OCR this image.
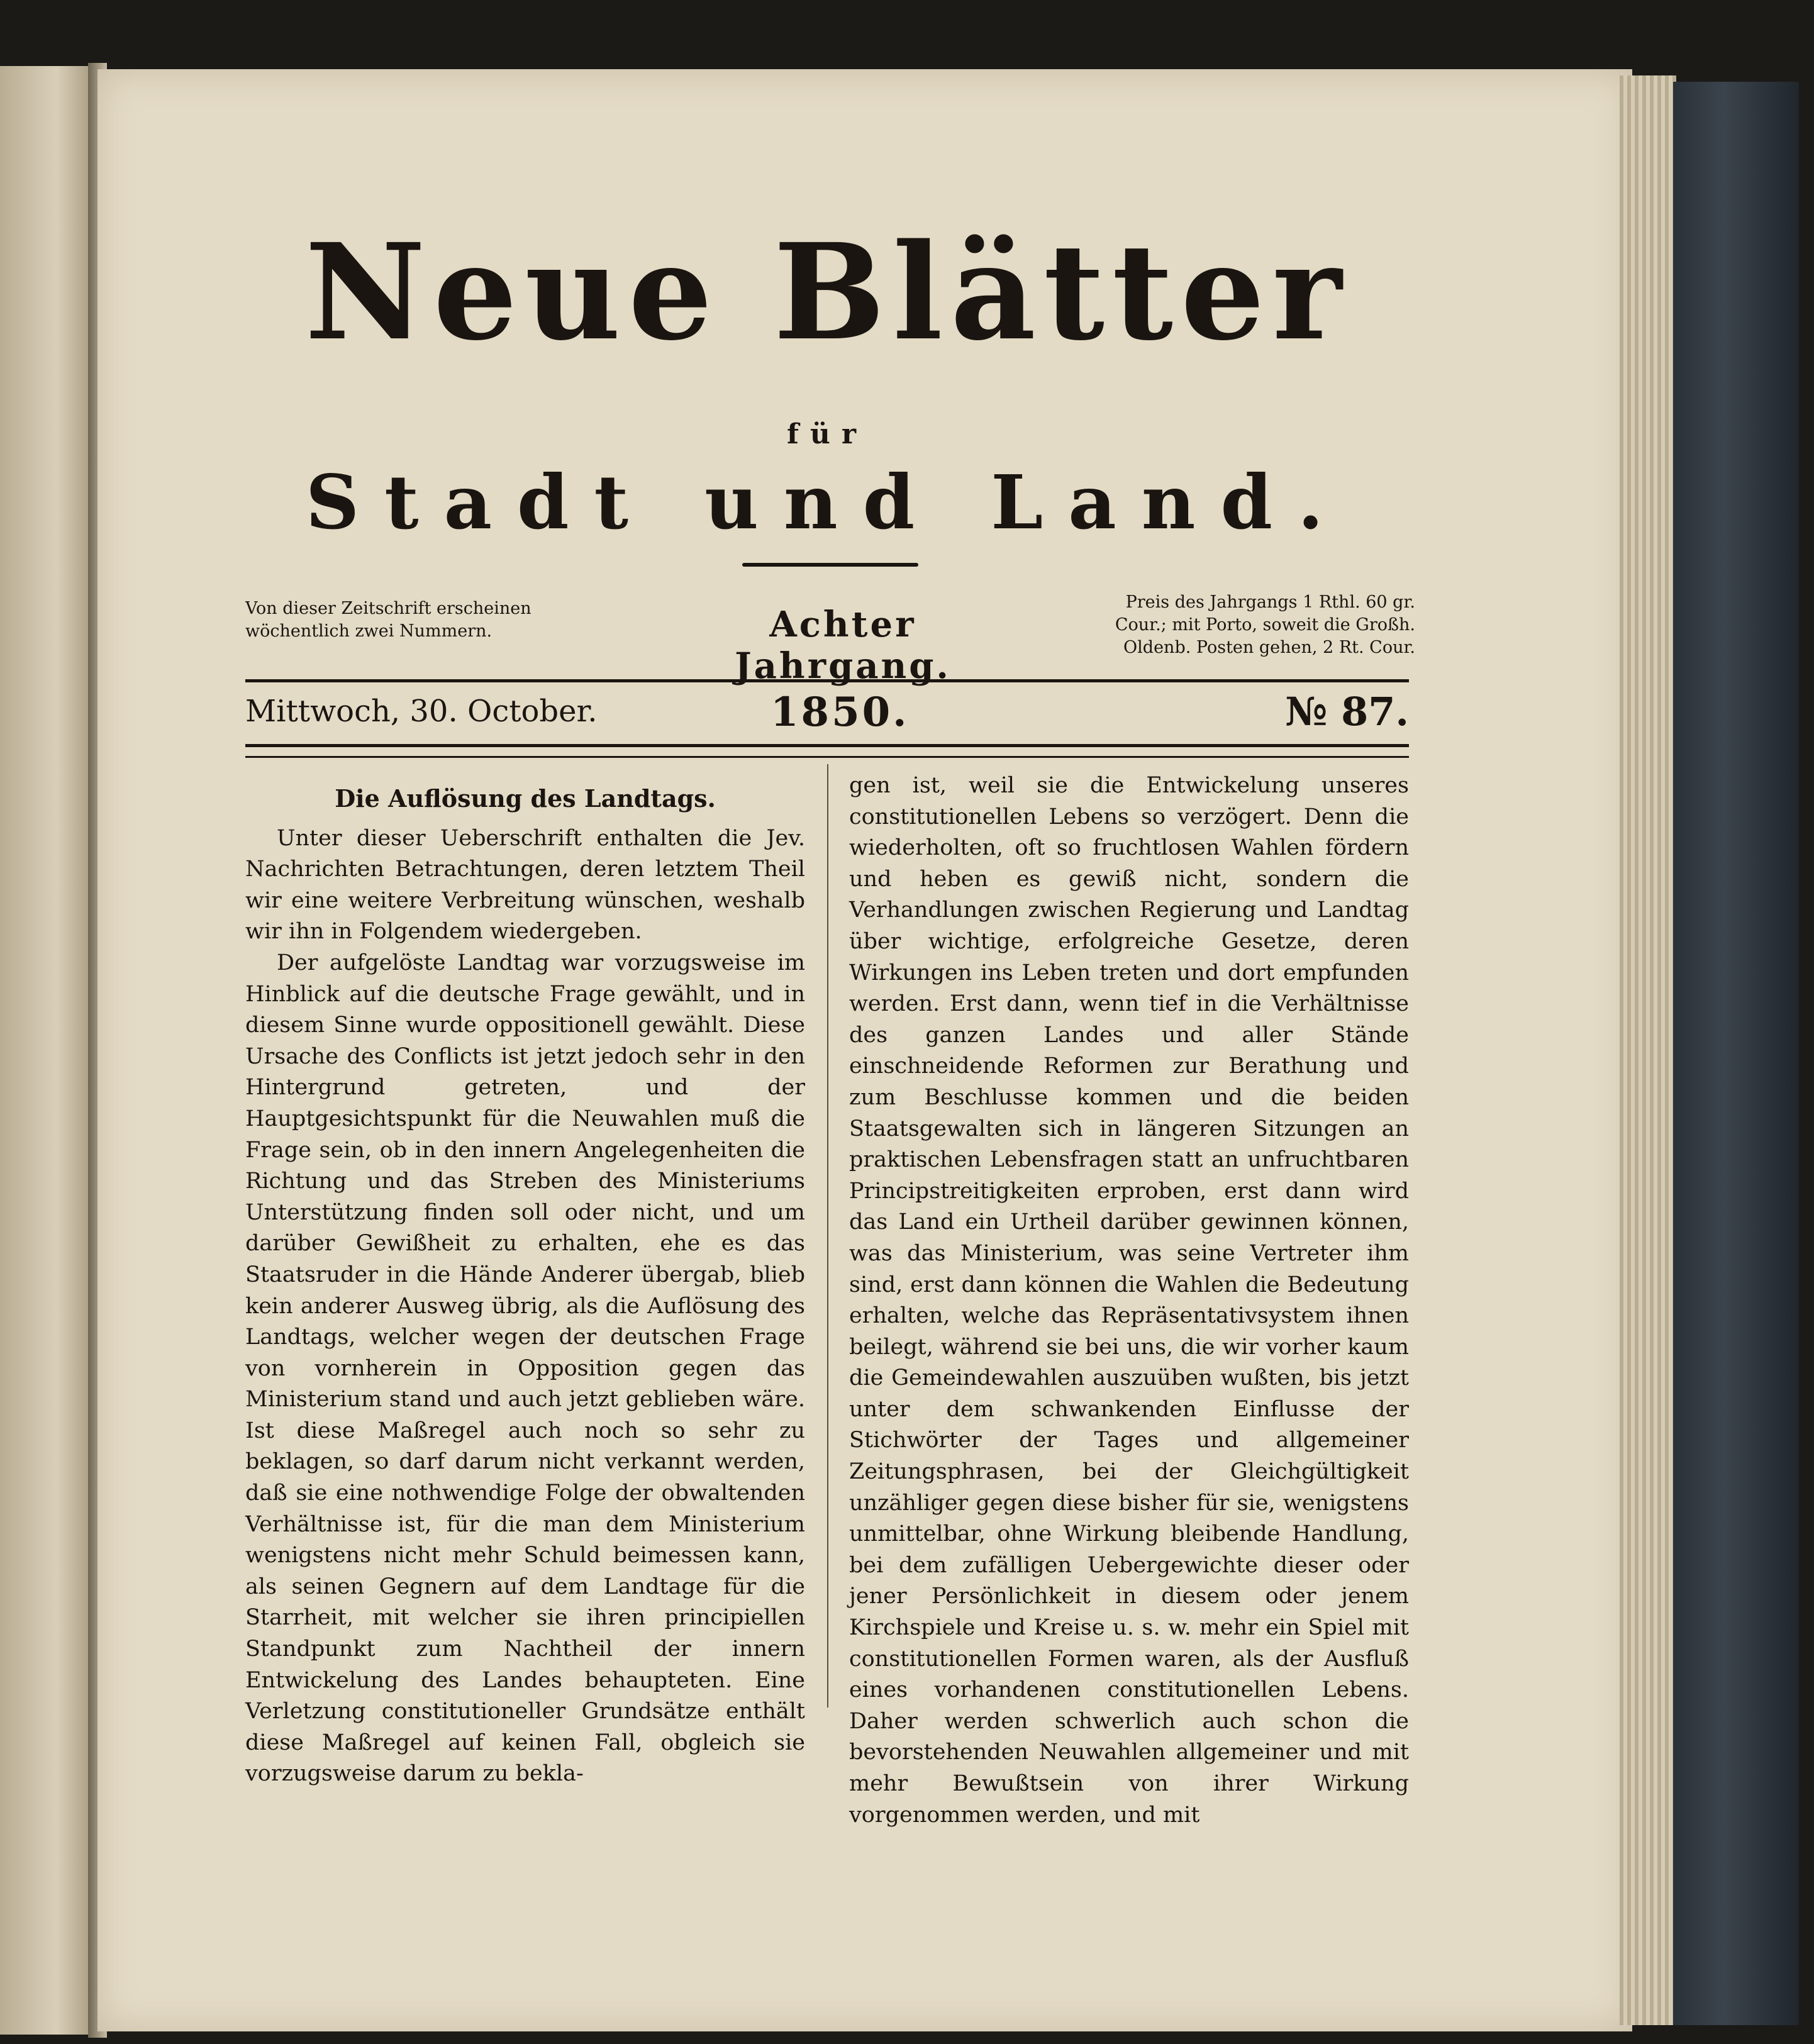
Neue Blätter
für
Stadt und Land.
Von dieser Zeitschrift erscheinen wöchentlich zwei Nummern.	Achter Jahrgang.
Preis des Jahrgangs 1 Rthl. 60 gr. Cour.; mit Porto, soweit die Großh. Oldenb. Posten gehen, 2 Rt. Cour.
Mittwoch, 30. October.	1850.	№ 87.
Die Auflösung des Landtags.

Unter dieser Ueberschrift enthalten die Jev. Nachrichten Betrachtungen, deren letztem Theil wir eine weitere Verbreitung wünschen, weshalb wir ihn in Folgendem wiedergeben.

Der aufgelöste Landtag war vorzugsweise im Hinblick auf die deutsche Frage gewählt, und in diesem Sinne wurde oppositionell gewählt. Diese Ursache des Conflicts ist jetzt jedoch sehr in den Hintergrund getreten, und der Hauptgesichtspunkt für die Neuwahlen muß die Frage sein, ob in den innern Angelegenheiten die Richtung und das Streben des Ministeriums Unterstützung finden soll oder nicht, und um darüber Gewißheit zu erhalten, ehe es das Staatsruder in die Hände Anderer übergab, blieb kein anderer Ausweg übrig, als die Auflösung des Landtags, welcher wegen der deutschen Frage von vornherein in Opposition gegen das Ministerium stand und auch jetzt geblieben wäre. Ist diese Maßregel auch noch so sehr zu beklagen, so darf darum nicht verkannt werden, daß sie eine nothwendige Folge der obwaltenden Verhältnisse ist, für die man dem Ministerium wenigstens nicht mehr Schuld beimessen kann, als seinen Gegnern auf dem Landtage für die Starrheit, mit welcher sie ihren principiellen Standpunkt zum Nachtheil der innern Entwickelung des Landes behaupteten. Eine Verletzung constitutioneller Grundsätze enthält diese Maßregel auf keinen Fall, obgleich sie vorzugsweise darum zu bekla-

gen ist, weil sie die Entwickelung unseres constitutionellen Lebens so verzögert. Denn die wiederholten, oft so fruchtlosen Wahlen fördern und heben es gewiß nicht, sondern die Verhandlungen zwischen Regierung und Landtag über wichtige, erfolgreiche Gesetze, deren Wirkungen ins Leben treten und dort empfunden werden. Erst dann, wenn tief in die Verhältnisse des ganzen Landes und aller Stände einschneidende Reformen zur Berathung und zum Beschlusse kommen und die beiden Staatsgewalten sich in längeren Sitzungen an praktischen Lebensfragen statt an unfruchtbaren Principstreitigkeiten erproben, erst dann wird das Land ein Urtheil darüber gewinnen können, was das Ministerium, was seine Vertreter ihm sind, erst dann können die Wahlen die Bedeutung erhalten, welche das Repräsentativsystem ihnen beilegt, während sie bei uns, die wir vorher kaum die Gemeindewahlen auszuüben wußten, bis jetzt unter dem schwankenden Einflusse der Stichwörter der Tages und allgemeiner Zeitungsphrasen, bei der Gleichgültigkeit unzähliger gegen diese bisher für sie, wenigstens unmittelbar, ohne Wirkung bleibende Handlung, bei dem zufälligen Uebergewichte dieser oder jener Persönlichkeit in diesem oder jenem Kirchspiele und Kreise u. s. w. mehr ein Spiel mit constitutionellen Formen waren, als der Ausfluß eines vorhandenen constitutionellen Lebens. Daher werden schwerlich auch schon die bevorstehenden Neuwahlen allgemeiner und mit mehr Bewußtsein von ihrer Wirkung vorgenommen werden, und mit
